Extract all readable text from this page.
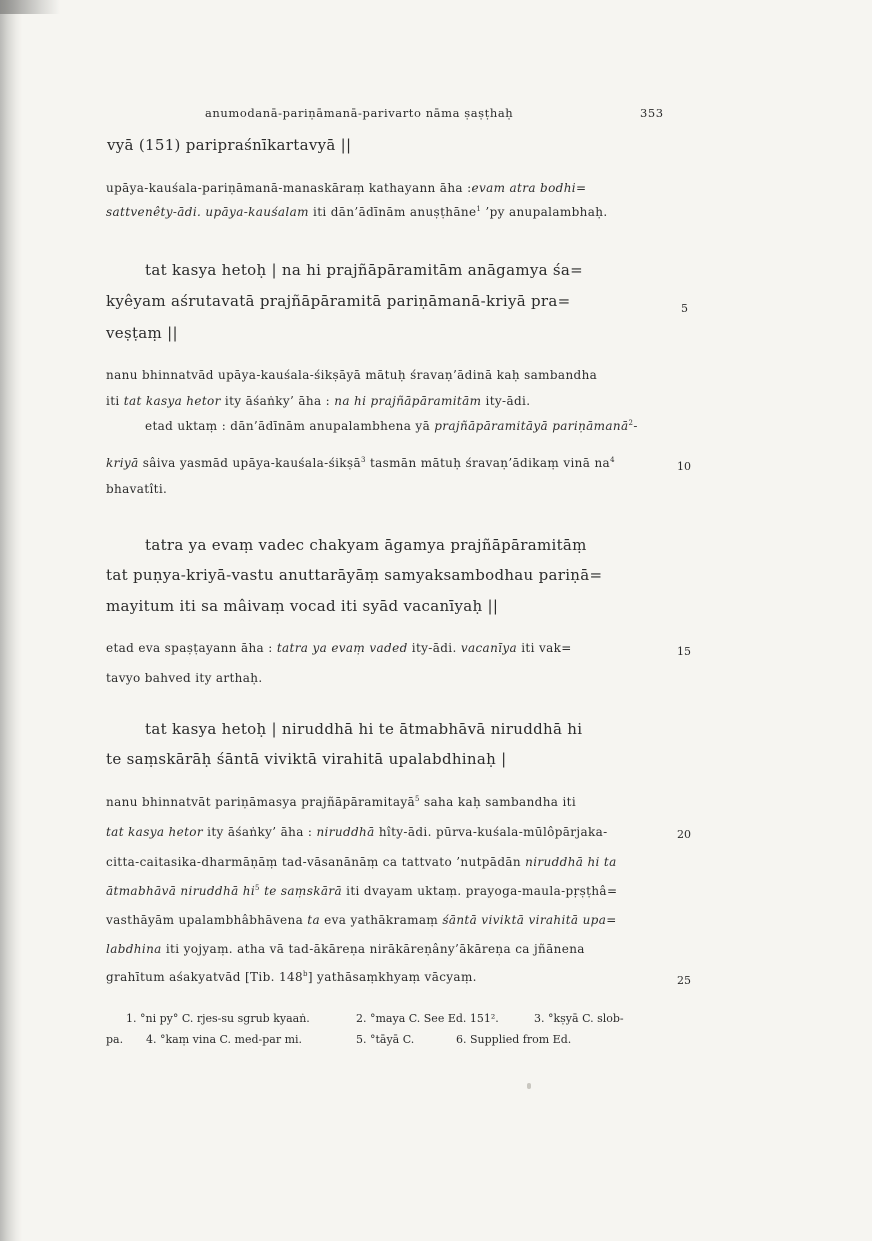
anumodanā-pariṇāmanā-parivarto nāma ṣaṣṭhaḥ	353
vyā (151) paripraśnīkartavyā ||
upāya-kauśala-pariṇāmanā-manaskāraṃ kathayann āha :evam atra bodhi=
sattvenêty-ādi. upāya-kauśalam iti dān’ādīnām anuṣṭhāne$^1$ ’py anupalambhaḥ.
tat kasya hetoḥ | na hi prajñāpāramitām anāgamya śa=
kyêyam aśrutavatā prajñāpāramitā pariṇāmanā-kriyā pra=
veṣṭaṃ ||
nanu bhinnatvād upāya-kauśala-śikṣāyā mātuḥ śravaṇ’ādinā kaḥ sambandha
iti tat kasya hetor ity āśaṅky’ āha : na hi prajñāpāramitām ity-ādi.
etad uktaṃ : dān’ādīnām anupalambhena yā prajñāpāramitāyā pariṇāmanā$^2$-
kriyā sâiva yasmād upāya-kauśala-śikṣā$^3$ tasmān mātuḥ śravaṇ’ādikaṃ vinā $na^4$
bhavatîti.
tatra ya evaṃ vadec chakyam āgamya prajñāpāramitāṃ
tat puṇya-kriyā-vastu anuttarāyāṃ samyaksambodhau pariṇā=
mayitum iti sa mâivaṃ vocad iti syād vacanīyaḥ ||
etad eva spaṣṭayann āha : tatra ya evaṃ vaded ity-ādi. vacanīya iti vak=
tavyo bahved ity arthaḥ.
tat kasya hetoḥ | niruddhā hi te ātmabhāvā niruddhā hi
te saṃskārāḥ śāntā viviktā virahitā upalabdhinaḥ |
nanu bhinnatvāt pariṇāmasya prajñāpāramitayā$^5$ saha kaḥ sambandha iti
tat kasya hetor ity āśaṅky’ āha : niruddhā hîty-ādi. pūrva-kuśala-mūlôpārjaka-
citta-caitasika-dharmāṇāṃ tad-vāsanānāṃ ca tattvato ’nutpādān niruddhā hi ta
ātmabhāvā niruddhā $hi^5$ te saṃskārā iti dvayam uktaṃ. prayoga-maula-pṛṣṭhâ=
vasthāyām upalambhâbhāvena ta eva yathākramaṃ śāntā viviktā virahitā upa=
labdhina iti yojyaṃ. atha vā tad-ākāreṇa nirākāreṇâny’ākāreṇa ca jñānena
grahītum aśakyatvād [Tib. 148$^b$] yathāsaṃkhyaṃ vācyaṃ.
5
10
15
20
25
1. °ni py° C. rjes-su sgrub kyaaṅ.	2. °maya C. See Ed. 151².	3. °kṣyā C. slob-
pa. 4. °kaṃ vina C. med-par mi.	5. °tāyā C.	6. Supplied from Ed.
